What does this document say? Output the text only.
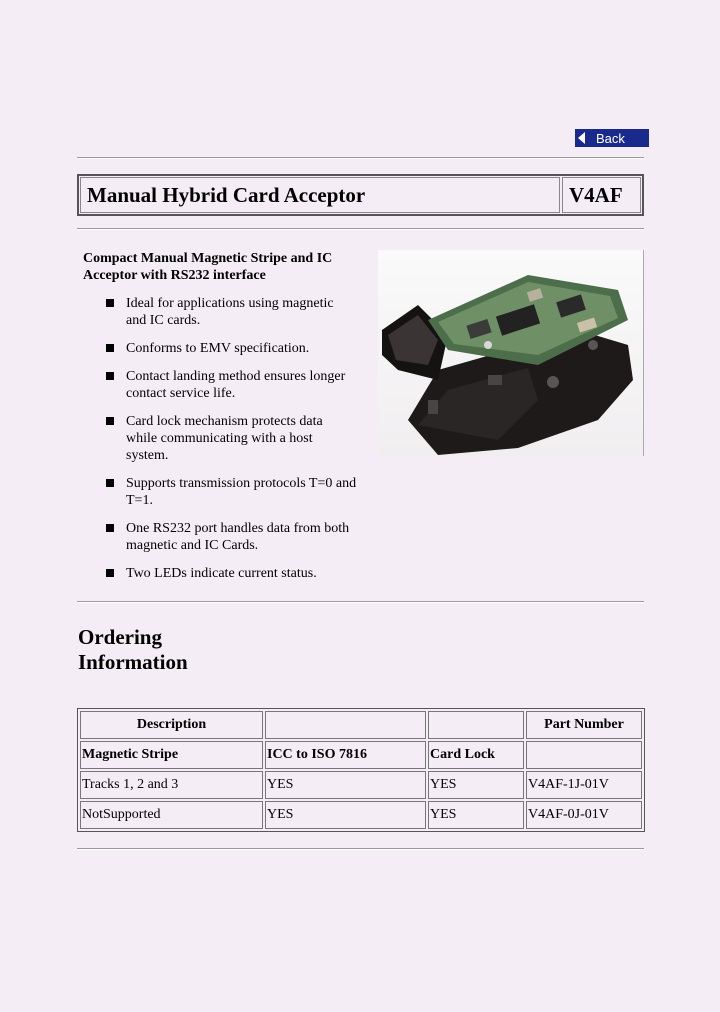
Back
Manual Hybrid Card Acceptor	V4AF
Compact Manual Magnetic Stripe and IC
Acceptor with RS232 interface
Ideal for applications using magnetic
and IC cards.
Conforms to EMV specification.
Contact landing method ensures longer
contact service life.
Card lock mechanism protects data
while communicating with a host
system.
Supports transmission protocols T=0 and
T=1.
One RS232 port handles data from both
magnetic and IC Cards.
Two LEDs indicate current status.
Ordering
Information
Description			Part Number
Magnetic Stripe	ICC to ISO 7816	Card Lock	
Tracks 1, 2 and 3	YES	YES	V4AF-1J-01V
NotSupported	YES	YES	V4AF-0J-01V
